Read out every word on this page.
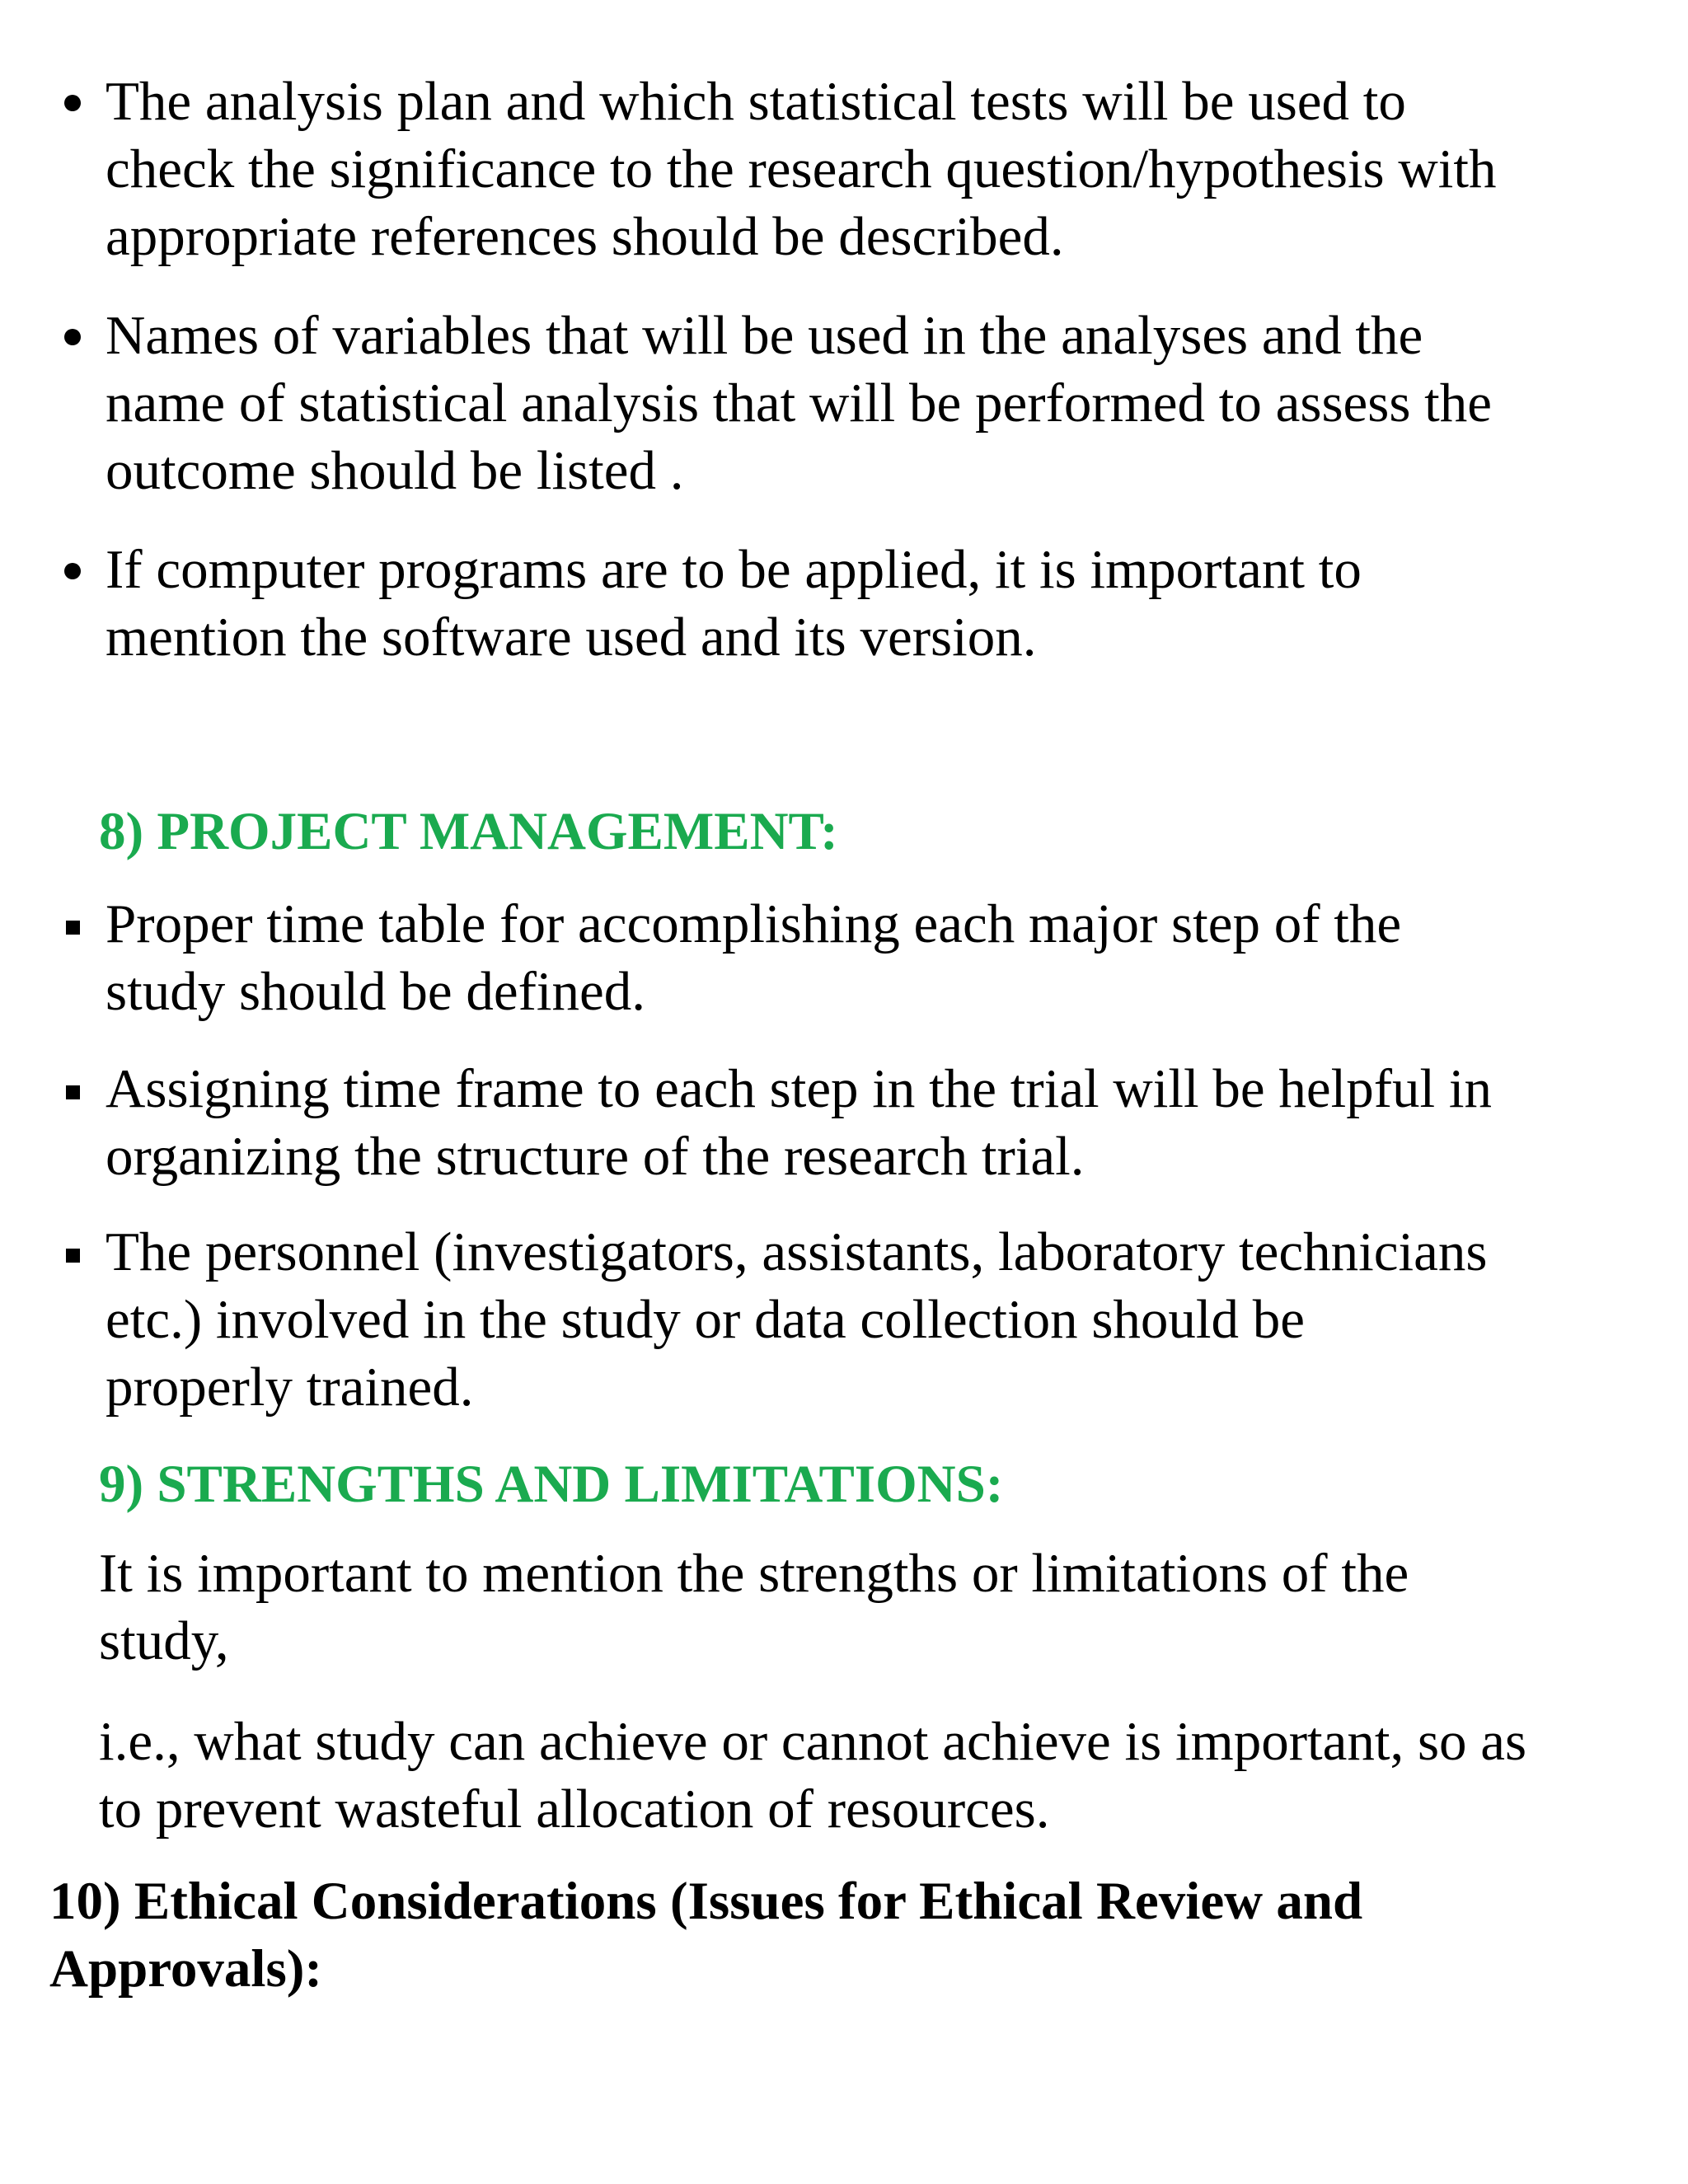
The analysis plan and which statistical tests will be used to
check the significance to the research question/hypothesis with
appropriate references should be described.
Names of variables that will be used in the analyses and the
name of statistical analysis that will be performed to assess the
outcome should be listed .
If computer programs are to be applied, it is important to
mention the software used and its version.
8) PROJECT MANAGEMENT:
Proper time table for accomplishing each major step of the
study should be defined.
Assigning time frame to each step in the trial will be helpful in
organizing the structure of the research trial.
The personnel (investigators, assistants, laboratory technicians
etc.) involved in the study or data collection should be
properly trained.
9) STRENGTHS AND LIMITATIONS:
It is important to mention the strengths or limitations of the
study,
i.e., what study can achieve or cannot achieve is important, so as
to prevent wasteful allocation of resources.
10) Ethical Considerations (Issues for Ethical Review and
Approvals):
